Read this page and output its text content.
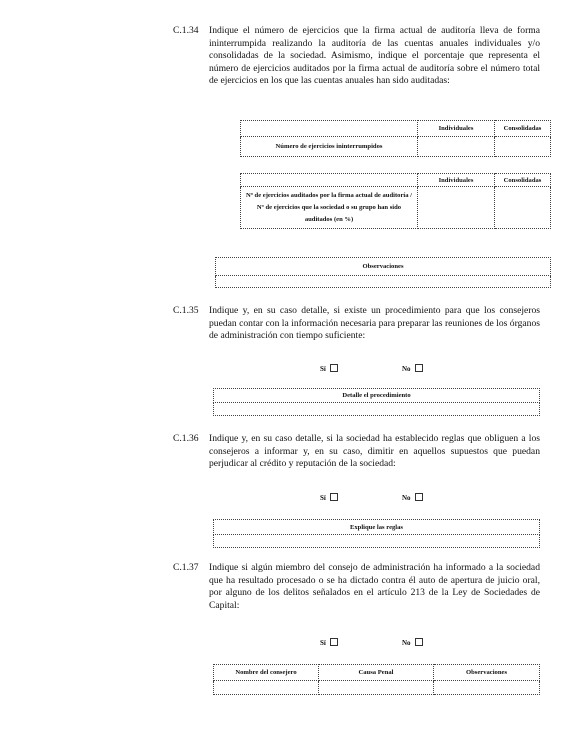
C.1.34 Indique el número de ejercicios que la firma actual de auditoría lleva de forma ininterrumpida realizando la auditoría de las cuentas anuales individuales y/o consolidadas de la sociedad. Asimismo, indique el porcentaje que representa el número de ejercicios auditados por la firma actual de auditoría sobre el número total de ejercicios en los que las cuentas anuales han sido auditadas:
	Individuales	Consolidadas
Número de ejercicios ininterrumpidos		
	Individuales	Consolidadas
Nº de ejercicios auditados por la firma actual de auditoría / Nº de ejercicios que la sociedad o su grupo han sido auditados (en %)		
Observaciones

C.1.35 Indique y, en su caso detalle, si existe un procedimiento para que los consejeros puedan contar con la información necesaria para preparar las reuniones de los órganos de administración con tiempo suficiente:
Sí	No
Detalle el procedimiento

C.1.36 Indique y, en su caso detalle, si la sociedad ha establecido reglas que obliguen a los consejeros a informar y, en su caso, dimitir en aquellos supuestos que puedan perjudicar al crédito y reputación de la sociedad:
Sí	No
Explique las reglas

C.1.37 Indique si algún miembro del consejo de administración ha informado a la sociedad que ha resultado procesado o se ha dictado contra él auto de apertura de juicio oral, por alguno de los delitos señalados en el artículo 213 de la Ley de Sociedades de Capital:
Sí	No
Nombre del consejero	Causa Penal	Observaciones
